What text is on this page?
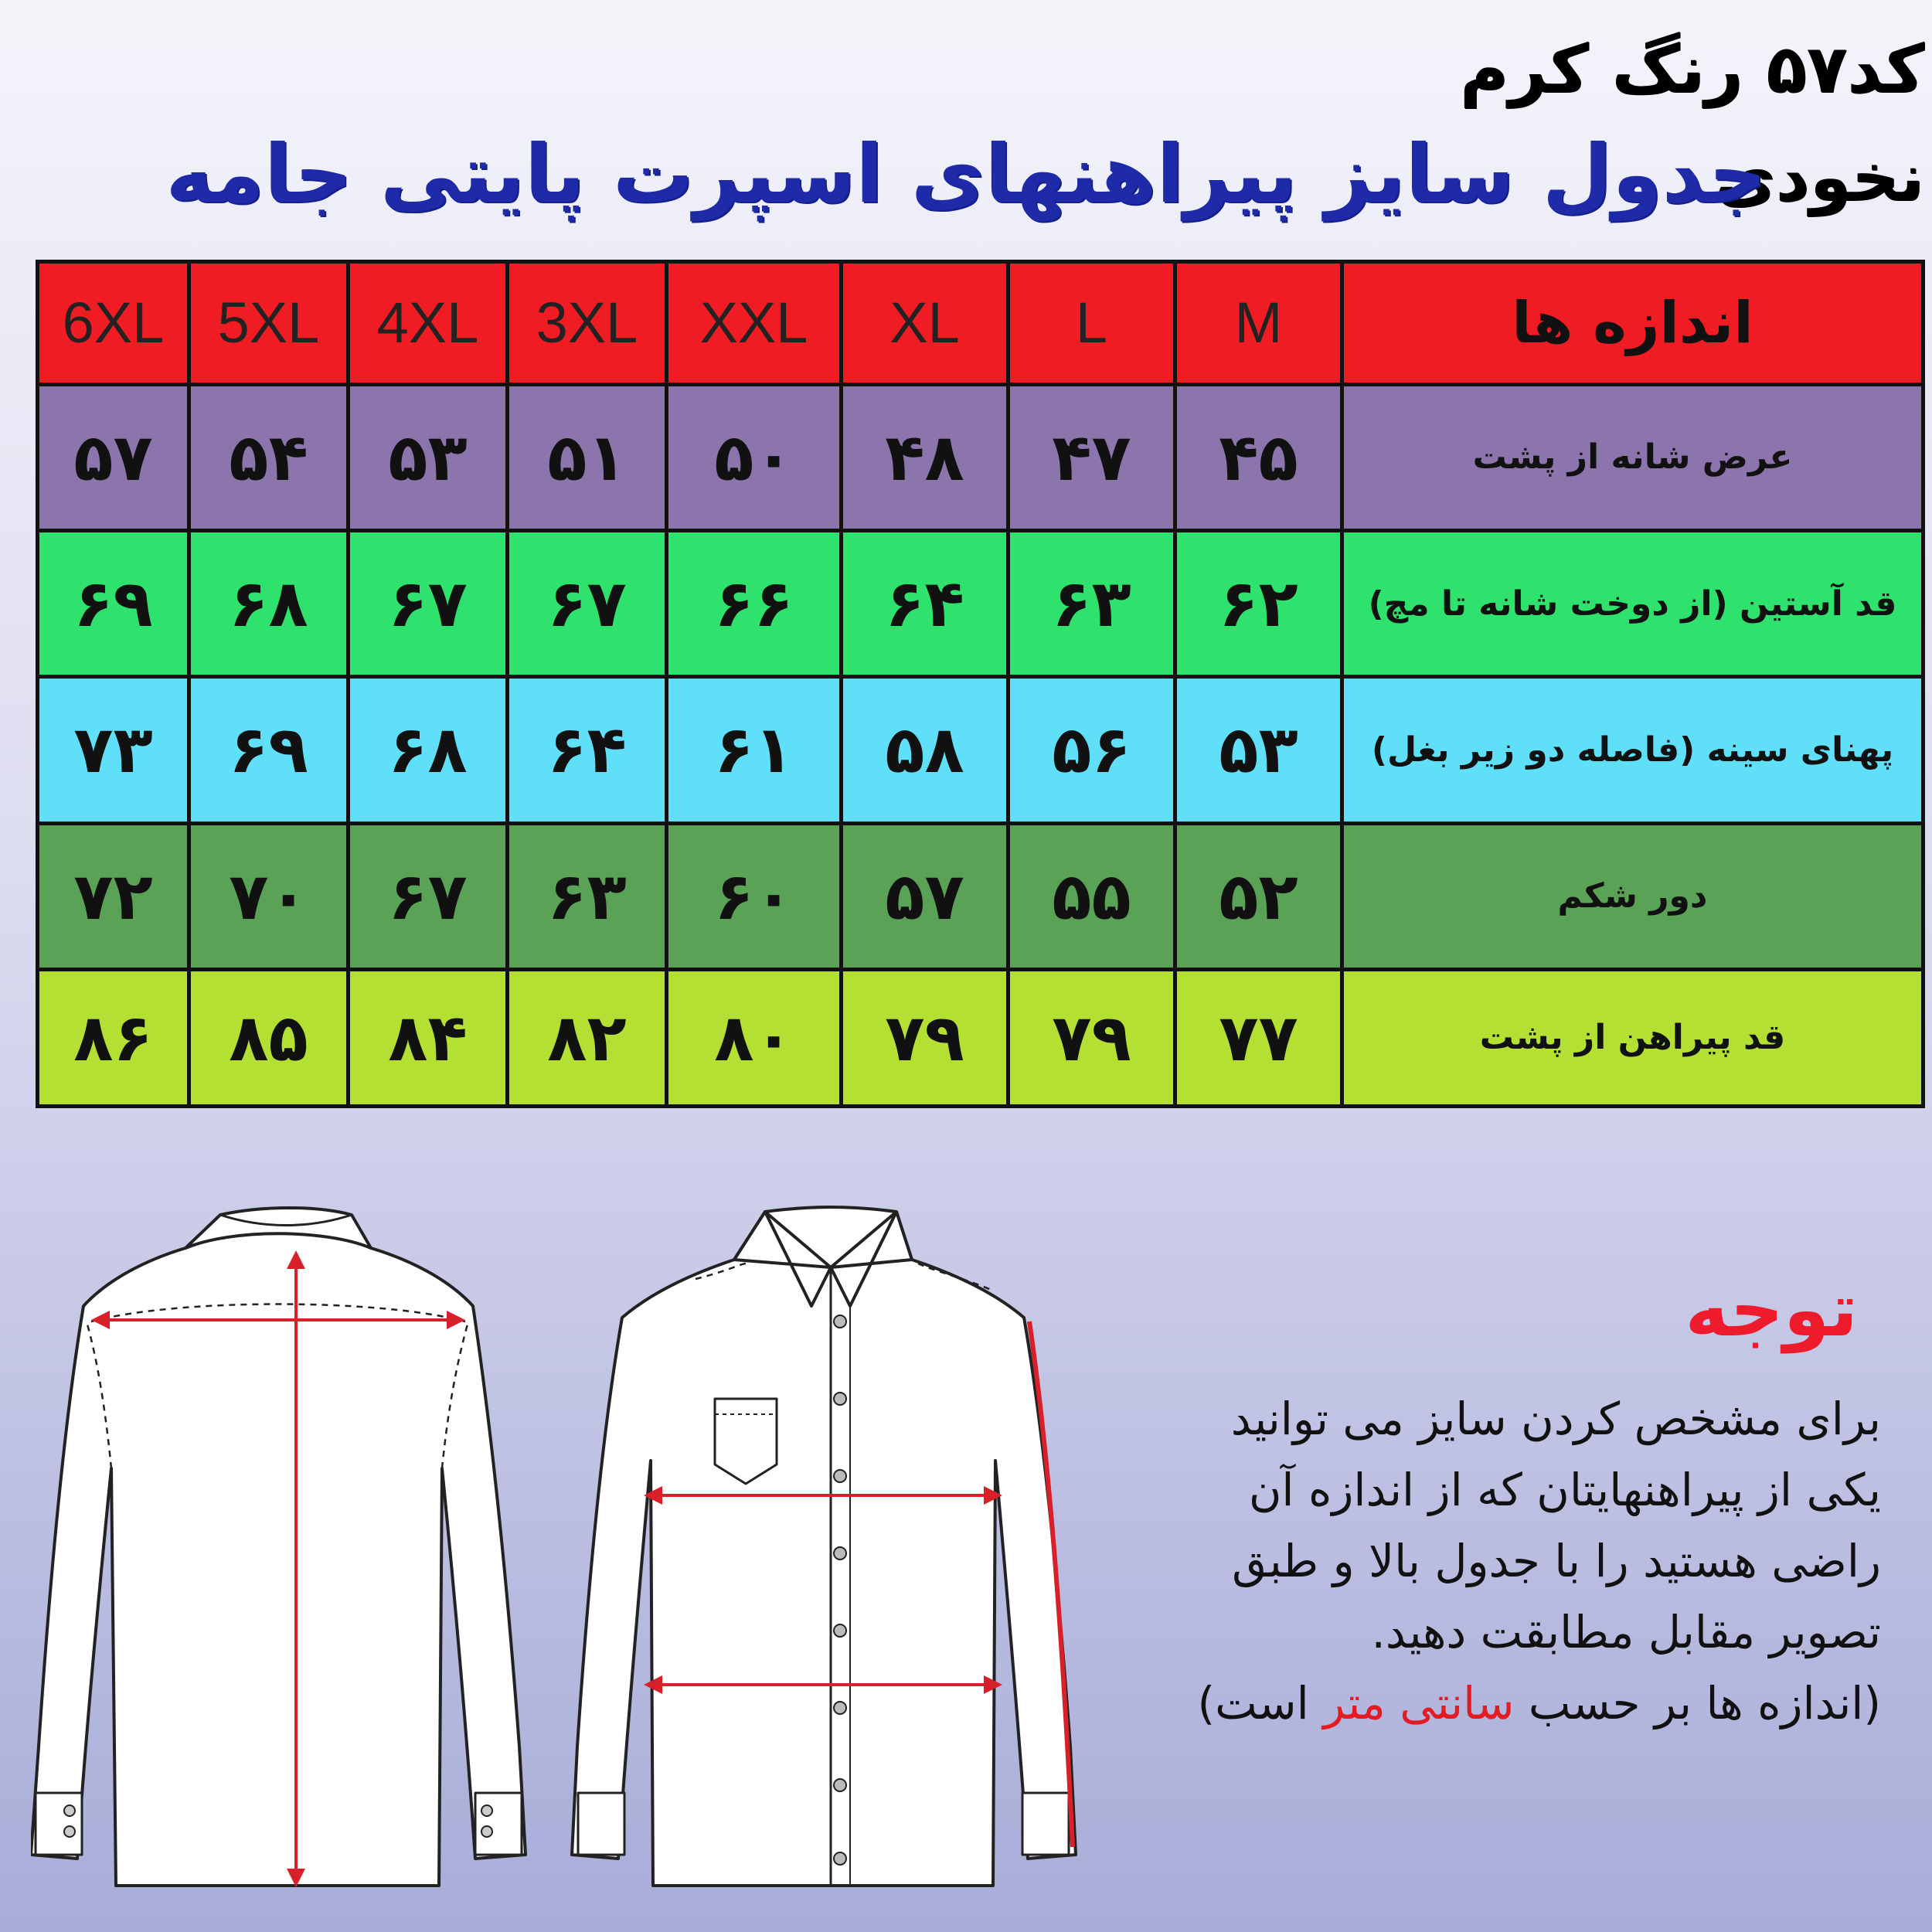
کد۵۷ رنگ کرم نخودی
جدول سایز پیراهنهای اسپرت پایتی جامه
اندازه ها	M	L	XL	XXL	3XL	4XL	5XL	6XL
عرض شانه از پشت	۴۵	۴۷	۴۸	۵۰	۵۱	۵۳	۵۴	۵۷
قد آستین (از دوخت شانه تا مچ)	۶۲	۶۳	۶۴	۶۶	۶۷	۶۷	۶۸	۶۹
پهنای سینه (فاصله دو زیر بغل)	۵۳	۵۶	۵۸	۶۱	۶۴	۶۸	۶۹	۷۳
دور شکم	۵۲	۵۵	۵۷	۶۰	۶۳	۶۷	۷۰	۷۲
قد پیراهن از پشت	۷۷	۷۹	۷۹	۸۰	۸۲	۸۴	۸۵	۸۶
توجه
برای مشخص کردن سایز می توانید
یکی از پیراهنهایتان که از اندازه آن
راضی هستید را با جدول بالا و طبق
تصویر مقابل مطابقت دهید.
(اندازه ها بر حسب سانتی متر است)
